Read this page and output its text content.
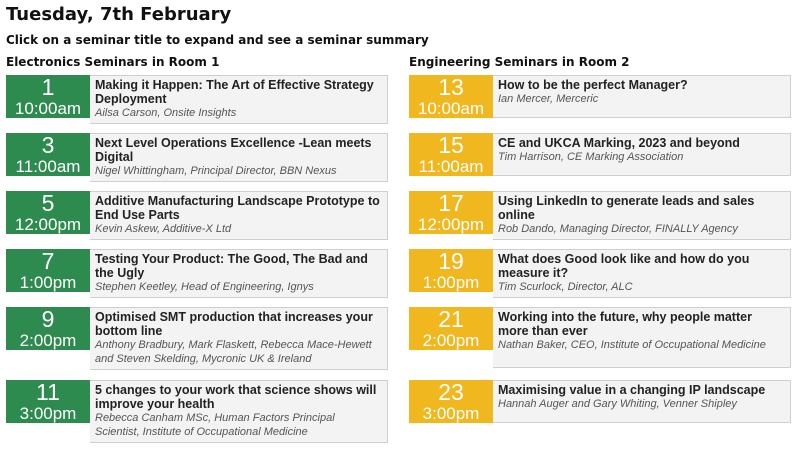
Tuesday, 7th February
Click on a seminar title to expand and see a seminar summary
Electronics Seminars in Room 1
1
10:00am
Making it Happen: The Art of Effective Strategy Deployment
Ailsa Carson, Onsite Insights
3
11:00am
Next Level Operations Excellence -Lean meets Digital
Nigel Whittingham, Principal Director, BBN Nexus
5
12:00pm
Additive Manufacturing Landscape Prototype to End Use Parts
Kevin Askew, Additive-X Ltd
7
1:00pm
Testing Your Product: The Good, The Bad and the Ugly
Stephen Keetley, Head of Engineering, Ignys
9
2:00pm
Optimised SMT production that increases your bottom line
Anthony Bradbury, Mark Flaskett, Rebecca Mace-Hewett and Steven Skelding, Mycronic UK & Ireland
11
3:00pm
5 changes to your work that science shows will improve your health
Rebecca Canham MSc, Human Factors Principal Scientist, Institute of Occupational Medicine
Engineering Seminars in Room 2
13
10:00am
How to be the perfect Manager?
Ian Mercer, Merceric
15
11:00am
CE and UKCA Marking, 2023 and beyond
Tim Harrison, CE Marking Association
17
12:00pm
Using LinkedIn to generate leads and sales online
Rob Dando, Managing Director, FINALLY Agency
19
1:00pm
What does Good look like and how do you measure it?
Tim Scurlock, Director, ALC
21
2:00pm
Working into the future, why people matter more than ever
Nathan Baker, CEO, Institute of Occupational Medicine
23
3:00pm
Maximising value in a changing IP landscape
Hannah Auger and Gary Whiting, Venner Shipley
